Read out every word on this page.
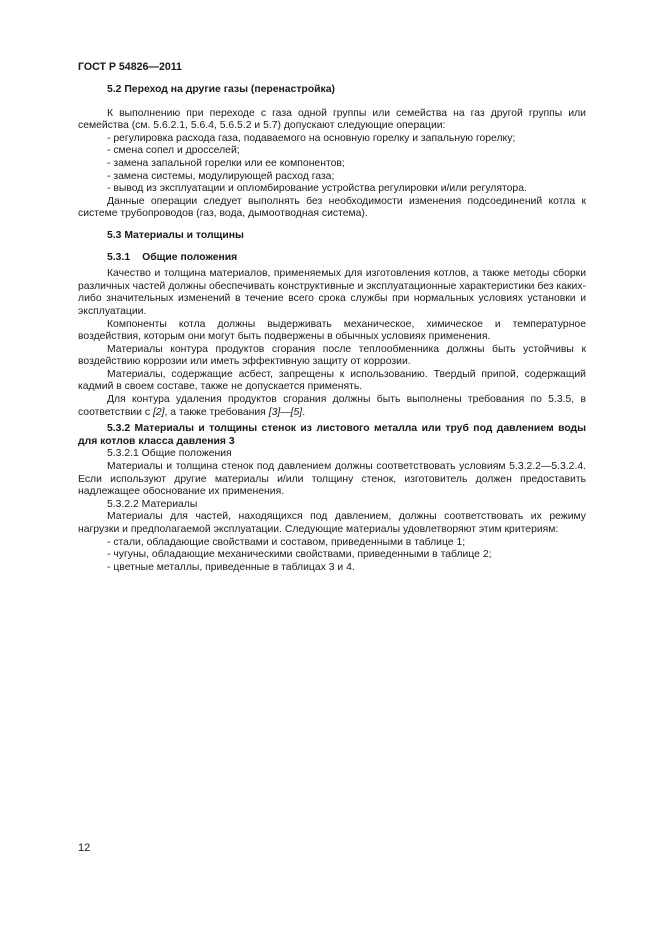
ГОСТ Р 54826—2011

5.2 Переход на другие газы (перенастройка)

К выполнению при переходе с газа одной группы или семейства на газ другой группы или семейства (см. 5.6.2.1, 5.6.4, 5.6.5.2 и 5.7) допускают следующие операции:

- регулировка расхода газа, подаваемого на основную горелку и запальную горелку;

- смена сопел и дросселей;

- замена запальной горелки или ее компонентов;

- замена системы, модулирующей расход газа;

- вывод из эксплуатации и опломбирование устройства регулировки и/или регулятора.

Данные операции следует выполнять без необходимости изменения подсоединений котла к системе трубопроводов (газ, вода, дымоотводная система).

5.3 Материалы и толщины

5.3.1 Общие положения

Качество и толщина материалов, применяемых для изготовления котлов, а также методы сборки различных частей должны обеспечивать конструктивные и эксплуатационные характеристики без каких-либо значительных изменений в течение всего срока службы при нормальных условиях установки и эксплуатации.

Компоненты котла должны выдерживать механическое, химическое и температурное воздействия, которым они могут быть подвержены в обычных условиях применения.

Материалы контура продуктов сгорания после теплообменника должны быть устойчивы к воздействию коррозии или иметь эффективную защиту от коррозии.

Материалы, содержащие асбест, запрещены к использованию. Твердый припой, содержащий кадмий в своем составе, также не допускается применять.

Для контура удаления продуктов сгорания должны быть выполнены требования по 5.3.5, в соответствии с [2], а также требования [3]—[5].

5.3.2 Материалы и толщины стенок из листового металла или труб под давлением воды для котлов класса давления 3

5.3.2.1 Общие положения

Материалы и толщина стенок под давлением должны соответствовать условиям 5.3.2.2—5.3.2.4. Если используют другие материалы и/или толщину стенок, изготовитель должен предоставить надлежащее обоснование их применения.

5.3.2.2 Материалы

Материалы для частей, находящихся под давлением, должны соответствовать их режиму нагрузки и предполагаемой эксплуатации. Следующие материалы удовлетворяют этим критериям:

- стали, обладающие свойствами и составом, приведенными в таблице 1;

- чугуны, обладающие механическими свойствами, приведенными в таблице 2;

- цветные металлы, приведенные в таблицах 3 и 4.

12
